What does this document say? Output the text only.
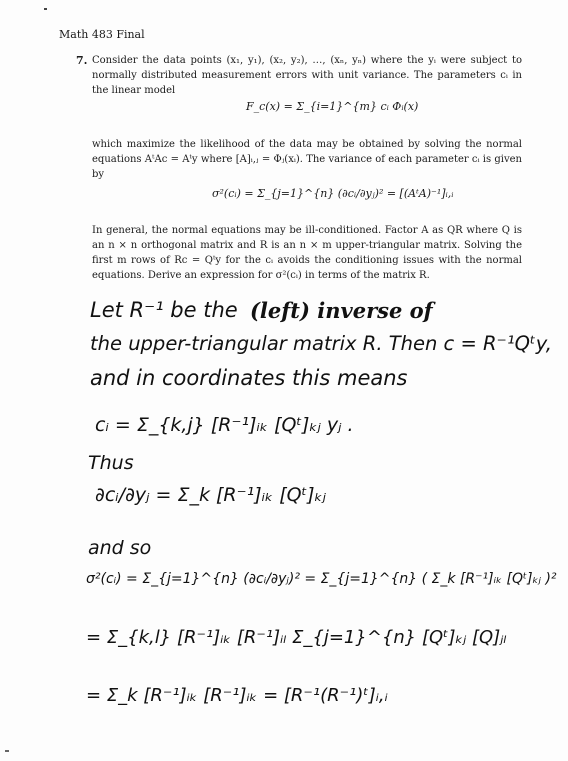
Math 483 Final
7. Consider the data points (x₁, y₁), (x₂, y₂), …, (xₙ, yₙ) where the yᵢ were subject to normally distributed measurement errors with unit variance. The parameters cᵢ in the linear model
F_c(x) = Σ_{i=1}^{m} cᵢ Φᵢ(x)
which maximize the likelihood of the data may be obtained by solving the normal equations AᵗAc = Aᵗy where [A]ᵢ,ⱼ = Φⱼ(xᵢ). The variance of each parameter cᵢ is given by
σ²(cᵢ) = Σ_{j=1}^{n} (∂cᵢ/∂yⱼ)² = [(AᵗA)⁻¹]ᵢ,ᵢ
In general, the normal equations may be ill-conditioned. Factor A as QR where Q is an n × n orthogonal matrix and R is an n × m upper-triangular matrix. Solving the first m rows of Rc = Qᵗy for the cᵢ avoids the conditioning issues with the normal equations. Derive an expression for σ²(cᵢ) in terms of the matrix R.
Let R⁻¹ be the (left) inverse of
the upper-triangular matrix R. Then c = R⁻¹Qᵗy,
and in coordinates this means
cᵢ = Σ_{k,j} [R⁻¹]ᵢₖ [Qᵗ]ₖⱼ yⱼ .
Thus
∂cᵢ/∂yⱼ = Σ_k [R⁻¹]ᵢₖ [Qᵗ]ₖⱼ
and so
σ²(cᵢ) = Σ_{j=1}^{n} (∂cᵢ/∂yⱼ)² = Σ_{j=1}^{n} ( Σ_k [R⁻¹]ᵢₖ [Qᵗ]ₖⱼ )²
= Σ_{k,l} [R⁻¹]ᵢₖ [R⁻¹]ᵢₗ Σ_{j=1}^{n} [Qᵗ]ₖⱼ [Q]ⱼₗ
= Σ_k [R⁻¹]ᵢₖ [R⁻¹]ᵢₖ = [R⁻¹(R⁻¹)ᵗ]ᵢ,ᵢ
